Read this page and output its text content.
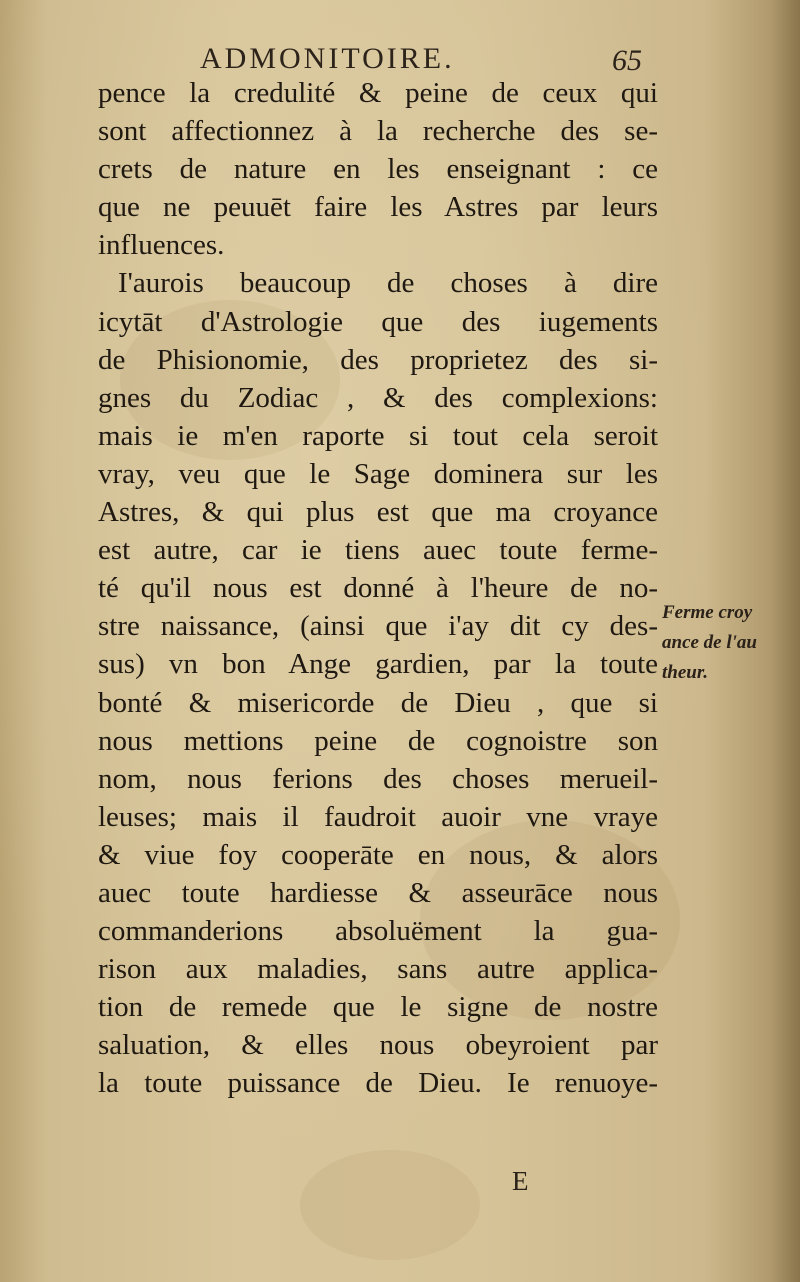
ADMONITOIRE.	65
pence la credulité & peine de ceux qui
sont affectionnez à la recherche des se-
crets de nature en les enseignant : ce
que ne peuuēt faire les Astres par leurs
influences.
I'aurois beaucoup de choses à dire
icytāt d'Astrologie que des iugements
de Phisionomie, des proprietez des si-
gnes du Zodiac , & des complexions:
mais ie m'en raporte si tout cela seroit
vray, veu que le Sage dominera sur les
Astres, & qui plus est que ma croyance
est autre, car ie tiens auec toute ferme-
té qu'il nous est donné à l'heure de no-
stre naissance, (ainsi que i'ay dit cy des-
sus) vn bon Ange gardien, par la toute
bonté & misericorde de Dieu , que si
nous mettions peine de cognoistre son
nom, nous ferions des choses merueil-
leuses; mais il faudroit auoir vne vraye
& viue foy cooperāte en nous, & alors
auec toute hardiesse & asseurāce nous
commanderions absoluëment la gua-
rison aux maladies, sans autre applica-
tion de remede que le signe de nostre
saluation, & elles nous obeyroient par
la toute puissance de Dieu. Ie renuoye-
Ferme croy
ance de l'au
theur.
E
